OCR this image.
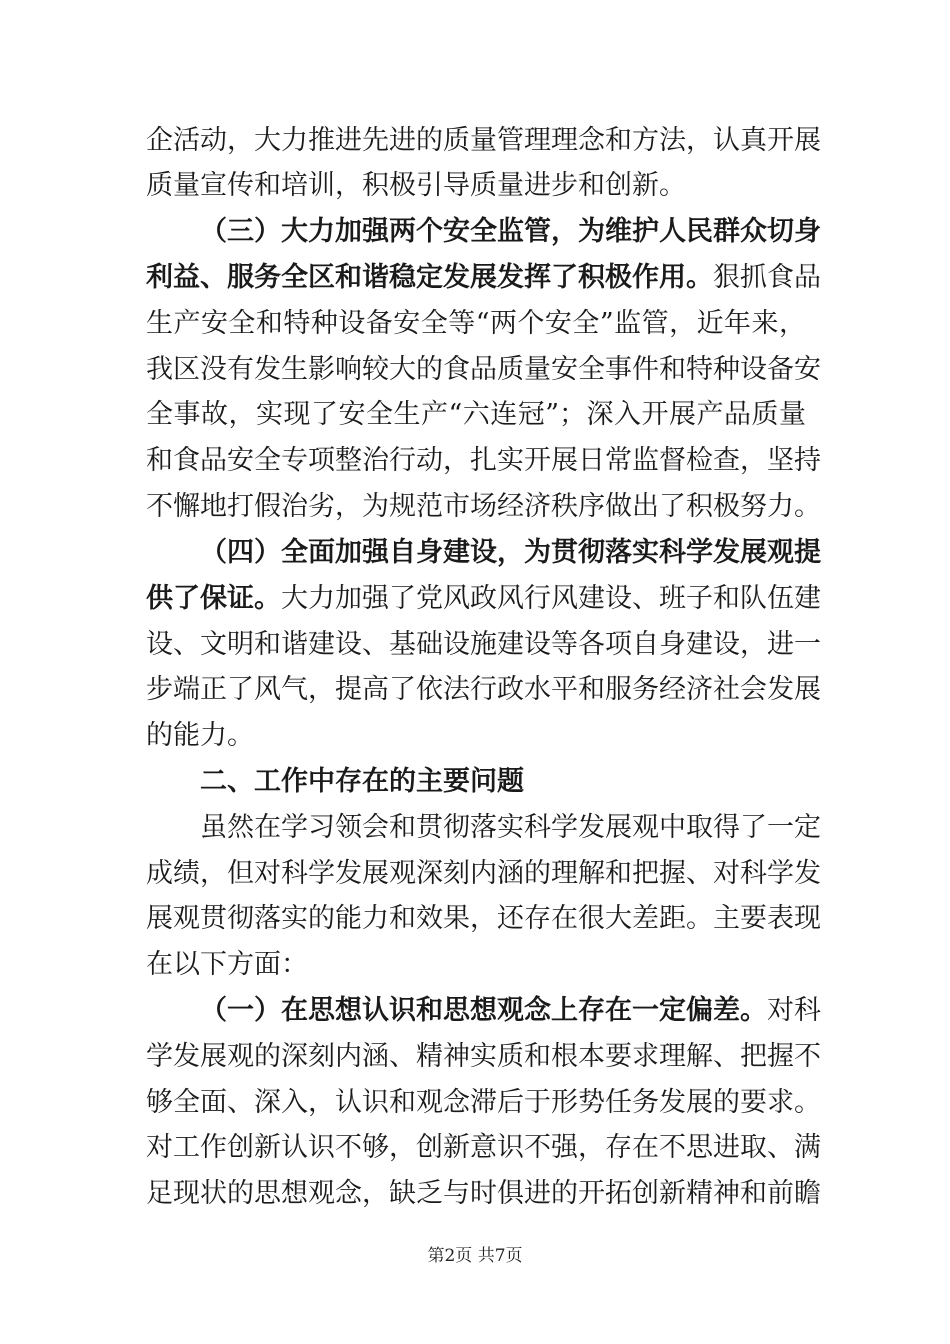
企活动，大力推进先进的质量管理理念和方法，认真开展
质量宣传和培训，积极引导质量进步和创新。
（三）大力加强两个安全监管，为维护人民群众切身
利益、服务全区和谐稳定发展发挥了积极作用。狠抓食品
生产安全和特种设备安全等“两个安全”监管，近年来，
我区没有发生影响较大的食品质量安全事件和特种设备安
全事故，实现了安全生产“六连冠”；深入开展产品质量
和食品安全专项整治行动，扎实开展日常监督检查，坚持
不懈地打假治劣，为规范市场经济秩序做出了积极努力。
（四）全面加强自身建设，为贯彻落实科学发展观提
供了保证。大力加强了党风政风行风建设、班子和队伍建
设、文明和谐建设、基础设施建设等各项自身建设，进一
步端正了风气，提高了依法行政水平和服务经济社会发展
的能力。
二、工作中存在的主要问题
虽然在学习领会和贯彻落实科学发展观中取得了一定
成绩，但对科学发展观深刻内涵的理解和把握、对科学发
展观贯彻落实的能力和效果，还存在很大差距。主要表现
在以下方面：
（一）在思想认识和思想观念上存在一定偏差。对科
学发展观的深刻内涵、精神实质和根本要求理解、把握不
够全面、深入，认识和观念滞后于形势任务发展的要求。
对工作创新认识不够，创新意识不强，存在不思进取、满
足现状的思想观念，缺乏与时俱进的开拓创新精神和前瞻
第2页 共7页
